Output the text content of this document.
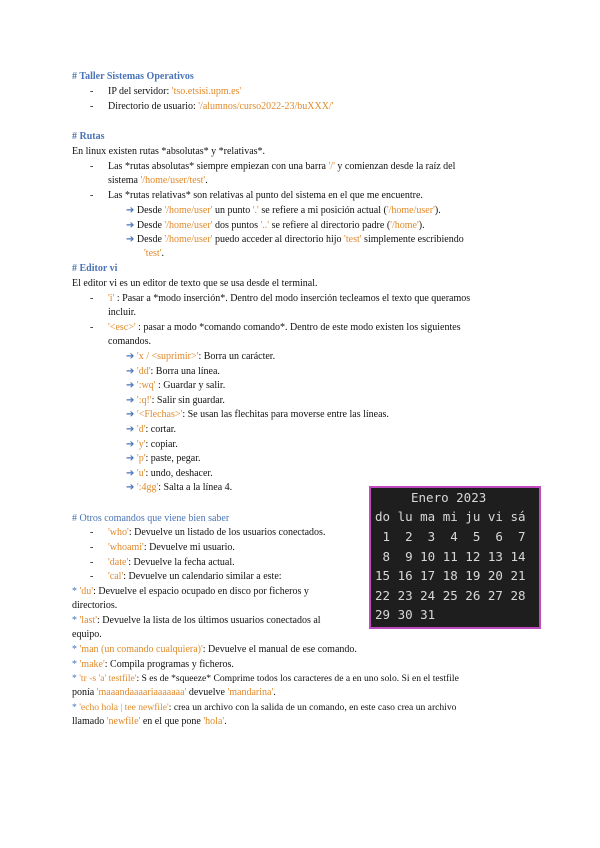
# Taller Sistemas Operativos
- IP del servidor: 'tso.etsisi.upm.es'
- Directorio de usuario: '/alumnos/curso2022-23/buXXX/'
# Rutas
En linux existen rutas *absolutas* y *relativas*.
- Las *rutas absolutas* siempre empiezan con una barra '/' y comienzan desde la raíz del
sistema '/home/user/test'.
- Las *rutas relativas* son relativas al punto del sistema en el que me encuentre.
➔ Desde '/home/user' un punto '.' se refiere a mi posición actual ('/home/user').
➔ Desde '/home/user' dos puntos '..' se refiere al directorio padre ('/home').
➔ Desde '/home/user' puedo acceder al directorio hijo 'test' simplemente escribiendo
'test'.
# Editor vi
El editor vi es un editor de texto que se usa desde el terminal.
- 'i' : Pasar a *modo inserción*. Dentro del modo inserción tecleamos el texto que queramos
incluir.
- '<esc>' : pasar a modo *comando comando*. Dentro de este modo existen los siguientes
comandos.
➔ 'x / <suprimir>': Borra un carácter.
➔ 'dd': Borra una línea.
➔ ':wq' : Guardar y salir.
➔ ':q!': Salir sin guardar.
➔ '<Flechas>': Se usan las flechitas para moverse entre las líneas.
➔ 'd': cortar.
➔ 'y': copiar.
➔ 'p': paste, pegar.
➔ 'u': undo, deshacer.
➔ ':4gg': Salta a la línea 4.
# Otros comandos que viene bien saber
- 'who': Devuelve un listado de los usuarios conectados.
- 'whoami': Devuelve mi usuario.
- 'date': Devuelve la fecha actual.
- 'cal': Devuelve un calendario similar a este:
* 'du': Devuelve el espacio ocupado en disco por ficheros y
directorios.
* 'last': Devuelve la lista de los últimos usuarios conectados al
equipo.
* 'man (un comando cualquiera)': Devuelve el manual de ese comando.
* 'make': Compila programas y ficheros.
* 'tr -s 'a' testfile': S es de *squeeze* Comprime todos los caracteres de a en uno solo. Si en el testfile
ponía 'maaandaaaariaaaaaaa' devuelve 'mandarina'.
* 'echo hola | tee newfile': crea un archivo con la salida de un comando, en este caso crea un archivo
llamado 'newfile' en el que pone 'hola'.
Enero 2023
do lu ma mi ju vi sá
1  2  3  4  5  6  7
8  9 10 11 12 13 14
15 16 17 18 19 20 21
22 23 24 25 26 27 28
29 30 31
